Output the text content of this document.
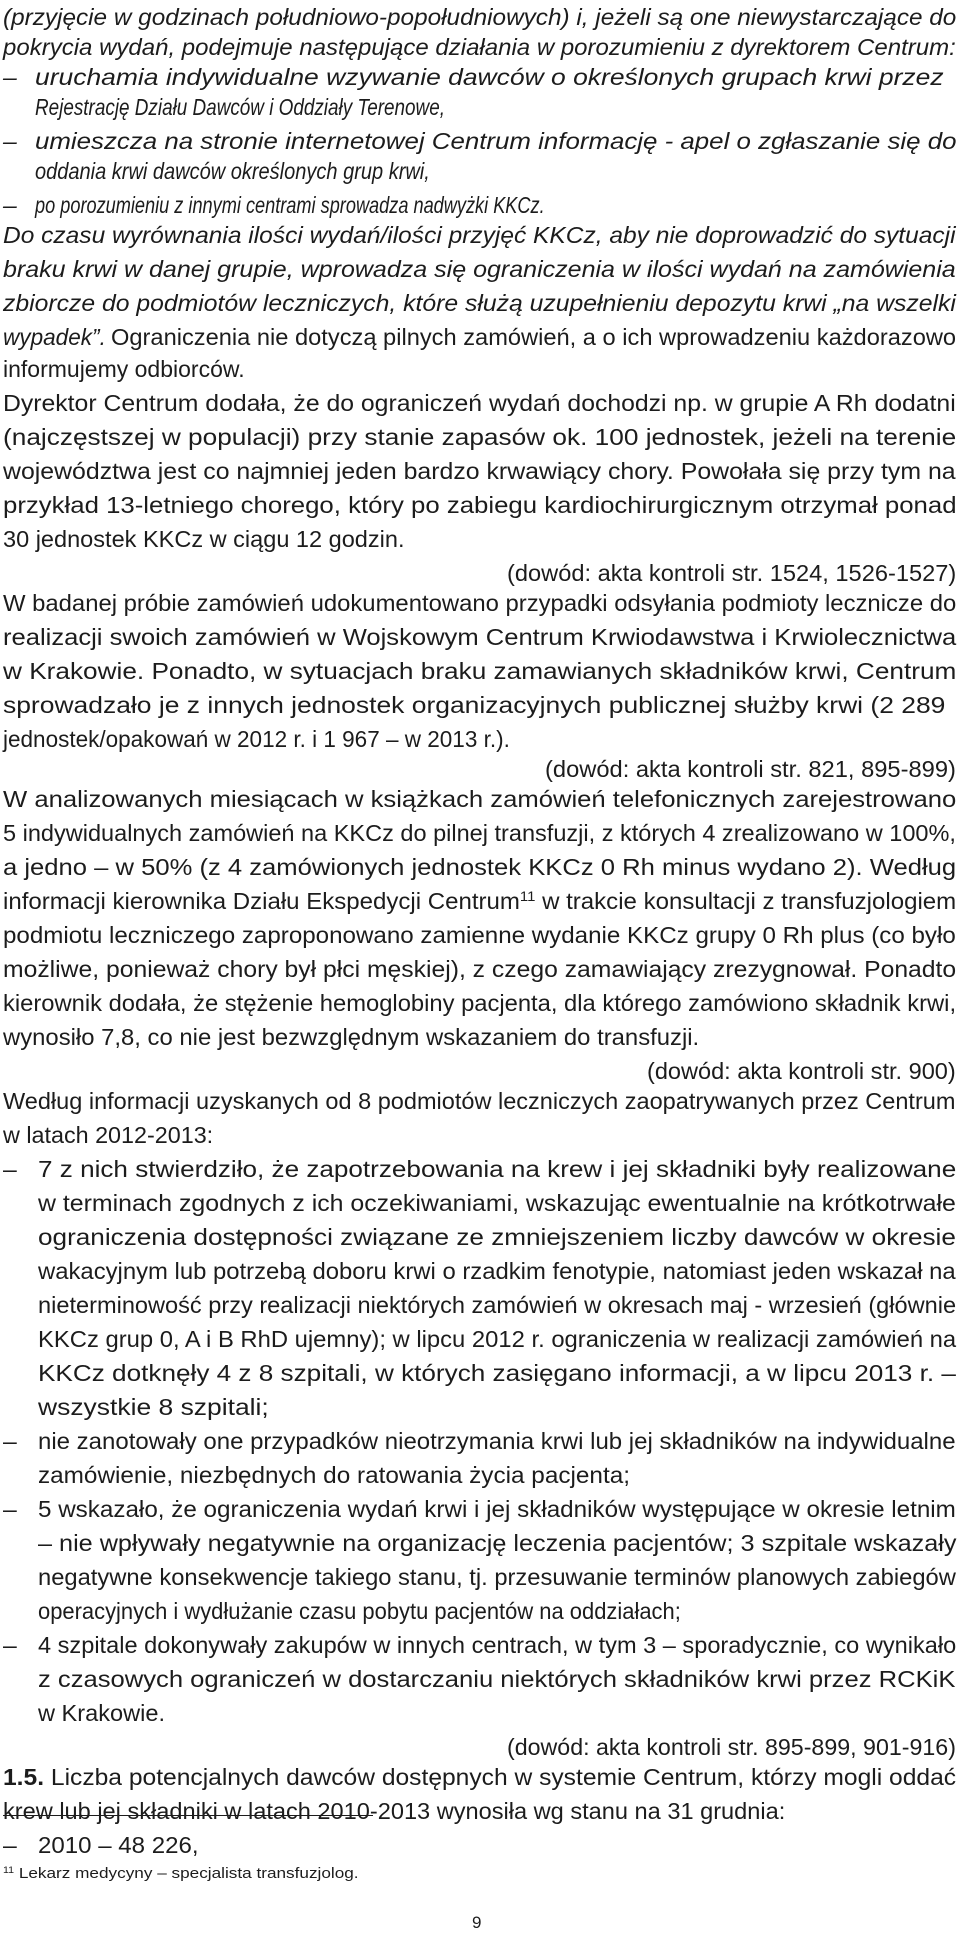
(przyjęcie w godzinach południowo-popołudniowych) i, jeżeli są one niewystarczające do
pokrycia wydań, podejmuje następujące działania w porozumieniu z dyrektorem Centrum:
– uruchamia indywidualne wzywanie dawców o określonych grupach krwi przez
Rejestrację Działu Dawców i Oddziały Terenowe,
– umieszcza na stronie internetowej Centrum informację - apel o zgłaszanie się do
oddania krwi dawców określonych grup krwi,
– po porozumieniu z innymi centrami sprowadza nadwyżki KKCz.
Do czasu wyrównania ilości wydań/ilości przyjęć KKCz, aby nie doprowadzić do sytuacji
braku krwi w danej grupie, wprowadza się ograniczenia w ilości wydań na zamówienia
zbiorcze do podmiotów leczniczych, które służą uzupełnieniu depozytu krwi „na wszelki
wypadek”. Ograniczenia nie dotyczą pilnych zamówień, a o ich wprowadzeniu każdorazowo
informujemy odbiorców.
Dyrektor Centrum dodała, że do ograniczeń wydań dochodzi np. w grupie A Rh dodatni
(najczęstszej w populacji) przy stanie zapasów ok. 100 jednostek, jeżeli na terenie
województwa jest co najmniej jeden bardzo krwawiący chory. Powołała się przy tym na
przykład 13-letniego chorego, który po zabiegu kardiochirurgicznym otrzymał ponad
30 jednostek KKCz w ciągu 12 godzin.
(dowód: akta kontroli str. 1524, 1526-1527)
W badanej próbie zamówień udokumentowano przypadki odsyłania podmioty lecznicze do
realizacji swoich zamówień w Wojskowym Centrum Krwiodawstwa i Krwiolecznictwa
w Krakowie. Ponadto, w sytuacjach braku zamawianych składników krwi, Centrum
sprowadzało je z innych jednostek organizacyjnych publicznej służby krwi (2 289
jednostek/opakowań w 2012 r. i 1 967 – w 2013 r.).
(dowód: akta kontroli str. 821, 895-899)
W analizowanych miesiącach w książkach zamówień telefonicznych zarejestrowano
5 indywidualnych zamówień na KKCz do pilnej transfuzji, z których 4 zrealizowano w 100%,
a jedno – w 50% (z 4 zamówionych jednostek KKCz 0 Rh minus wydano 2). Według
informacji kierownika Działu Ekspedycji Centrum$^{11}$ w trakcie konsultacji z transfuzjologiem
podmiotu leczniczego zaproponowano zamienne wydanie KKCz grupy 0 Rh plus (co było
możliwe, ponieważ chory był płci męskiej), z czego zamawiający zrezygnował. Ponadto
kierownik dodała, że stężenie hemoglobiny pacjenta, dla którego zamówiono składnik krwi,
wynosiło 7,8, co nie jest bezwzględnym wskazaniem do transfuzji.
(dowód: akta kontroli str. 900)
Według informacji uzyskanych od 8 podmiotów leczniczych zaopatrywanych przez Centrum
w latach 2012-2013:
– 7 z nich stwierdziło, że zapotrzebowania na krew i jej składniki były realizowane
w terminach zgodnych z ich oczekiwaniami, wskazując ewentualnie na krótkotrwałe
ograniczenia dostępności związane ze zmniejszeniem liczby dawców w okresie
wakacyjnym lub potrzebą doboru krwi o rzadkim fenotypie, natomiast jeden wskazał na
nieterminowość przy realizacji niektórych zamówień w okresach maj - wrzesień (głównie
KKCz grup 0, A i B RhD ujemny); w lipcu 2012 r. ograniczenia w realizacji zamówień na
KKCz dotknęły 4 z 8 szpitali, w których zasięgano informacji, a w lipcu 2013 r. –
wszystkie 8 szpitali;
– nie zanotowały one przypadków nieotrzymania krwi lub jej składników na indywidualne
zamówienie, niezbędnych do ratowania życia pacjenta;
– 5 wskazało, że ograniczenia wydań krwi i jej składników występujące w okresie letnim
– nie wpływały negatywnie na organizację leczenia pacjentów; 3 szpitale wskazały
negatywne konsekwencje takiego stanu, tj. przesuwanie terminów planowych zabiegów
operacyjnych i wydłużanie czasu pobytu pacjentów na oddziałach;
– 4 szpitale dokonywały zakupów w innych centrach, w tym 3 – sporadycznie, co wynikało
z czasowych ograniczeń w dostarczaniu niektórych składników krwi przez RCKiK
w Krakowie.
(dowód: akta kontroli str. 895-899, 901-916)
1.5. Liczba potencjalnych dawców dostępnych w systemie Centrum, którzy mogli oddać
krew lub jej składniki w latach 2010-2013 wynosiła wg stanu na 31 grudnia:
– 2010 – 48 226,
$^{11}$ Lekarz medycyny – specjalista transfuzjolog.
9
